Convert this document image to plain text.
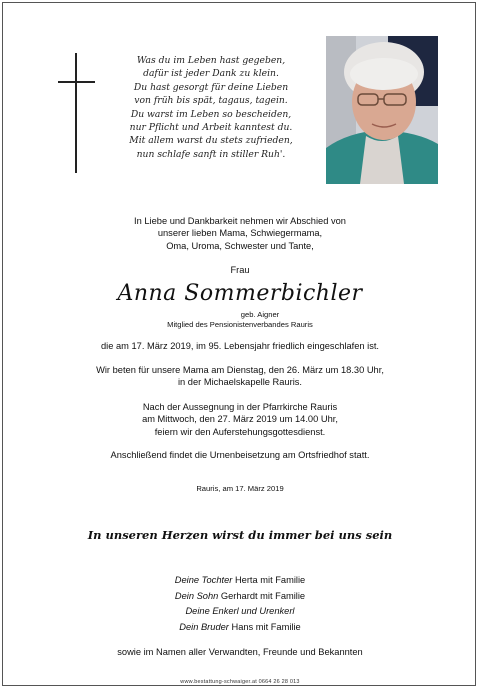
Was du im Leben hast gegeben,
dafür ist jeder Dank zu klein.
Du hast gesorgt für deine Lieben
von früh bis spät, tagaus, tagein.
Du warst im Leben so bescheiden,
nur Pflicht und Arbeit kanntest du.
Mit allem warst du stets zufrieden,
nun schlafe sanft in stiller Ruh'.
In Liebe und Dankbarkeit nehmen wir Abschied von
unserer lieben Mama, Schwiegermama,
Oma, Uroma, Schwester und Tante,
Frau
Anna Sommerbichler
geb. Aigner
Mitglied des Pensionistenverbandes Rauris
die am 17. März 2019, im 95. Lebensjahr friedlich eingeschlafen ist.
Wir beten für unsere Mama am Dienstag, den 26. März um 18.30 Uhr,
in der Michaelskapelle Rauris.
Nach der Aussegnung in der Pfarrkirche Rauris
am Mittwoch, den 27. März 2019 um 14.00 Uhr,
feiern wir den Auferstehungsgottesdienst.
Anschließend findet die Urnenbeisetzung am Ortsfriedhof statt.
Rauris, am 17. März 2019
In unseren Herzen wirst du immer bei uns sein
Deine Tochter Herta mit Familie
Dein Sohn Gerhardt mit Familie
Deine Enkerl und Urenkerl
Dein Bruder Hans mit Familie
sowie im Namen aller Verwandten, Freunde und Bekannten
www.bestattung-schwaiger.at 0664 26 28 013
